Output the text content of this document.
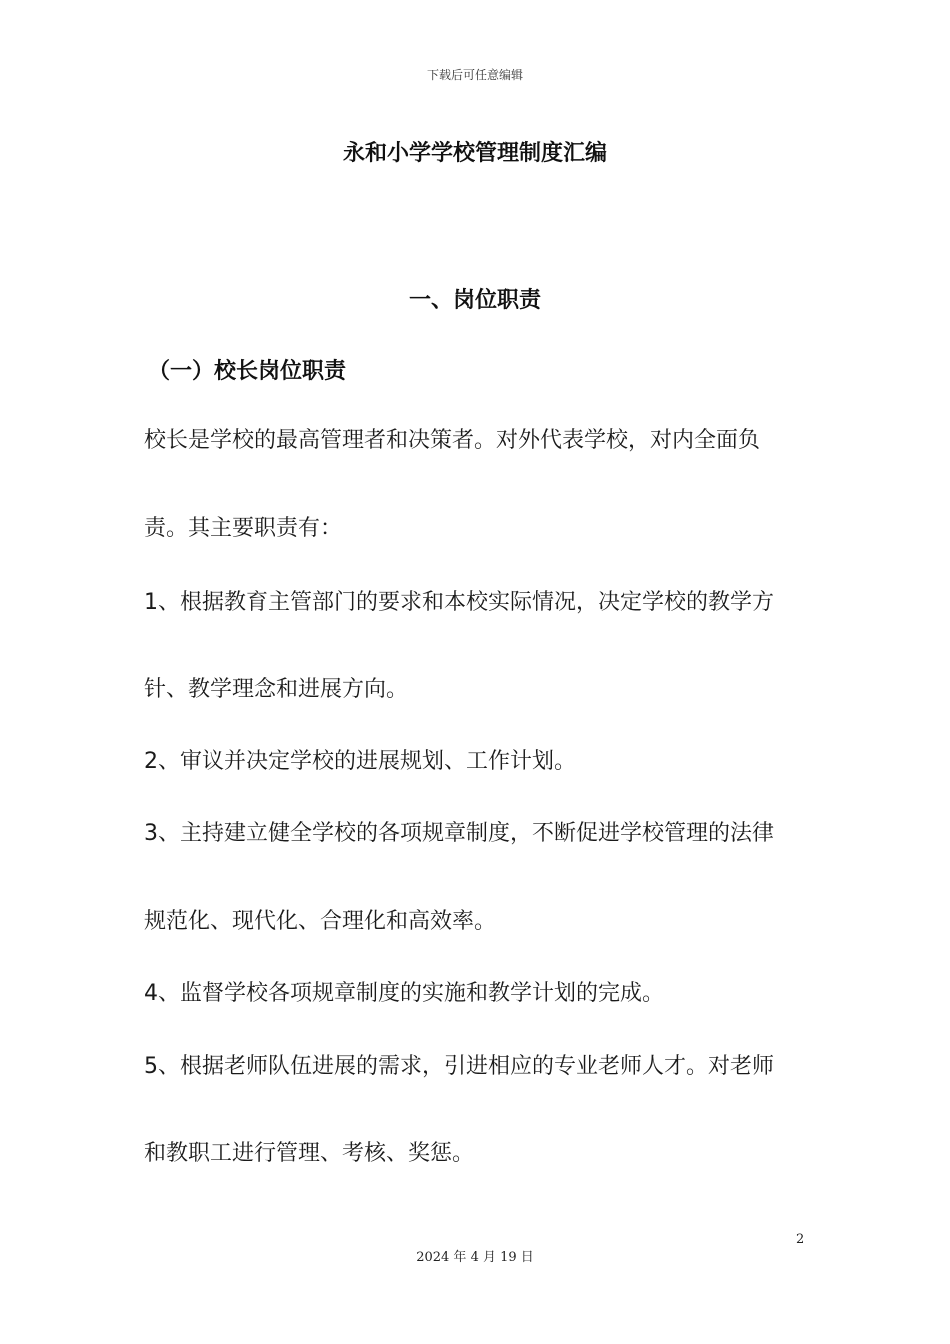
下载后可任意编辑
永和小学学校管理制度汇编
一、岗位职责
（一）校长岗位职责

校长是学校的最高管理者和决策者。对外代表学校，对内全面负

责。其主要职责有：

1、根据教育主管部门的要求和本校实际情况，决定学校的教学方

针、教学理念和进展方向。

2、审议并决定学校的进展规划、工作计划。

3、主持建立健全学校的各项规章制度，不断促进学校管理的法律

规范化、现代化、合理化和高效率。

4、监督学校各项规章制度的实施和教学计划的完成。

5、根据老师队伍进展的需求，引进相应的专业老师人才。对老师

和教职工进行管理、考核、奖惩。

2
2024 年 4 月 19 日
